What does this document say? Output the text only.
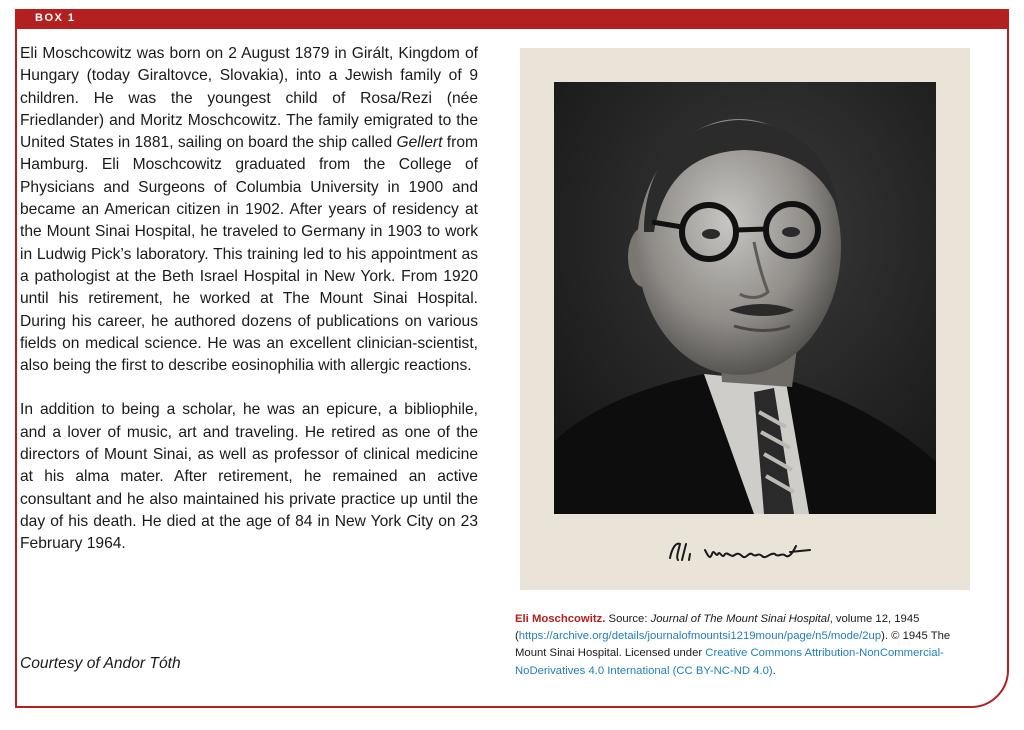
BOX 1

Eli Moschcowitz was born on 2 August 1879 in Girált, Kingdom of Hungary (today Giraltovce, Slovakia), into a Jewish family of 9 children. He was the youngest child of Rosa/Rezi (née Friedlander) and Moritz Moschcowitz. The family emigrated to the United States in 1881, sailing on board the ship called Gellert from Hamburg. Eli Moschcowitz graduated from the College of Physicians and Surgeons of Columbia University in 1900 and became an American citizen in 1902. After years of residency at the Mount Sinai Hospital, he traveled to Germany in 1903 to work in Ludwig Pick’s laboratory. This training led to his appointment as a pathologist at the Beth Israel Hospital in New York. From 1920 until his retirement, he worked at The Mount Sinai Hospital. During his career, he authored dozens of publications on various fields on medical science. He was an excellent clinician-scientist, also being the first to describe eosinophilia with allergic reactions.

In addition to being a scholar, he was an epicure, a bibliophile, and a lover of music, art and traveling. He retired as one of the directors of Mount Sinai, as well as professor of clinical medicine at his alma mater. After retirement, he remained an active consultant and he also maintained his private practice up until the day of his death. He died at the age of 84 in New York City on 23 February 1964.

Courtesy of Andor Tóth
Eli Moschcowitz. Source: Journal of The Mount Sinai Hospital, volume 12, 1945 (https://archive.org/details/journalofmountsi1219moun/page/n5/mode/2up). © 1945 The Mount Sinai Hospital. Licensed under Creative Commons Attribution-NonCommercial-NoDerivatives 4.0 International (CC BY-NC-ND 4.0).
